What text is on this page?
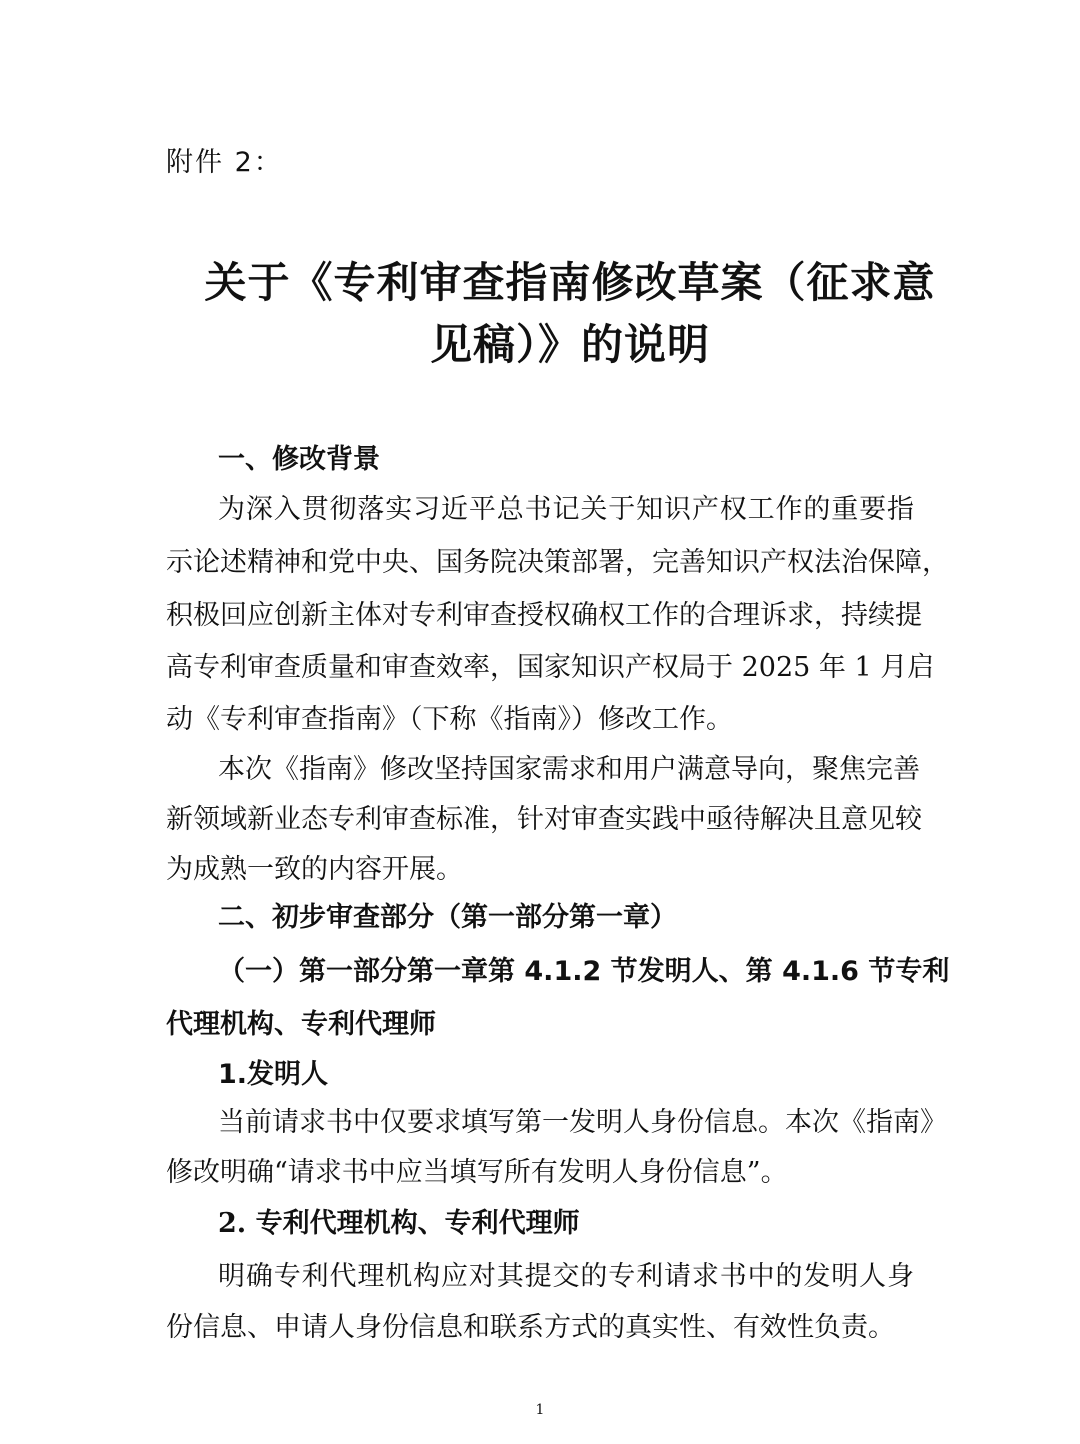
附件 2：
关于《专利审查指南修改草案（征求意
见稿）》的说明
一、修改背景
为深入贯彻落实习近平总书记关于知识产权工作的重要指
示论述精神和党中央、国务院决策部署，完善知识产权法治保障，
积极回应创新主体对专利审查授权确权工作的合理诉求，持续提
高专利审查质量和审查效率，国家知识产权局于 2025 年 1 月启
动《专利审查指南》（下称《指南》）修改工作。
本次《指南》修改坚持国家需求和用户满意导向，聚焦完善
新领域新业态专利审查标准，针对审查实践中亟待解决且意见较
为成熟一致的内容开展。
二、初步审查部分（第一部分第一章）
（一）第一部分第一章第 4.1.2 节发明人、第 4.1.6 节专利
代理机构、专利代理师
1.发明人
当前请求书中仅要求填写第一发明人身份信息。本次《指南》
修改明确“请求书中应当填写所有发明人身份信息”。
2. 专利代理机构、专利代理师
明确专利代理机构应对其提交的专利请求书中的发明人身
份信息、申请人身份信息和联系方式的真实性、有效性负责。
1
